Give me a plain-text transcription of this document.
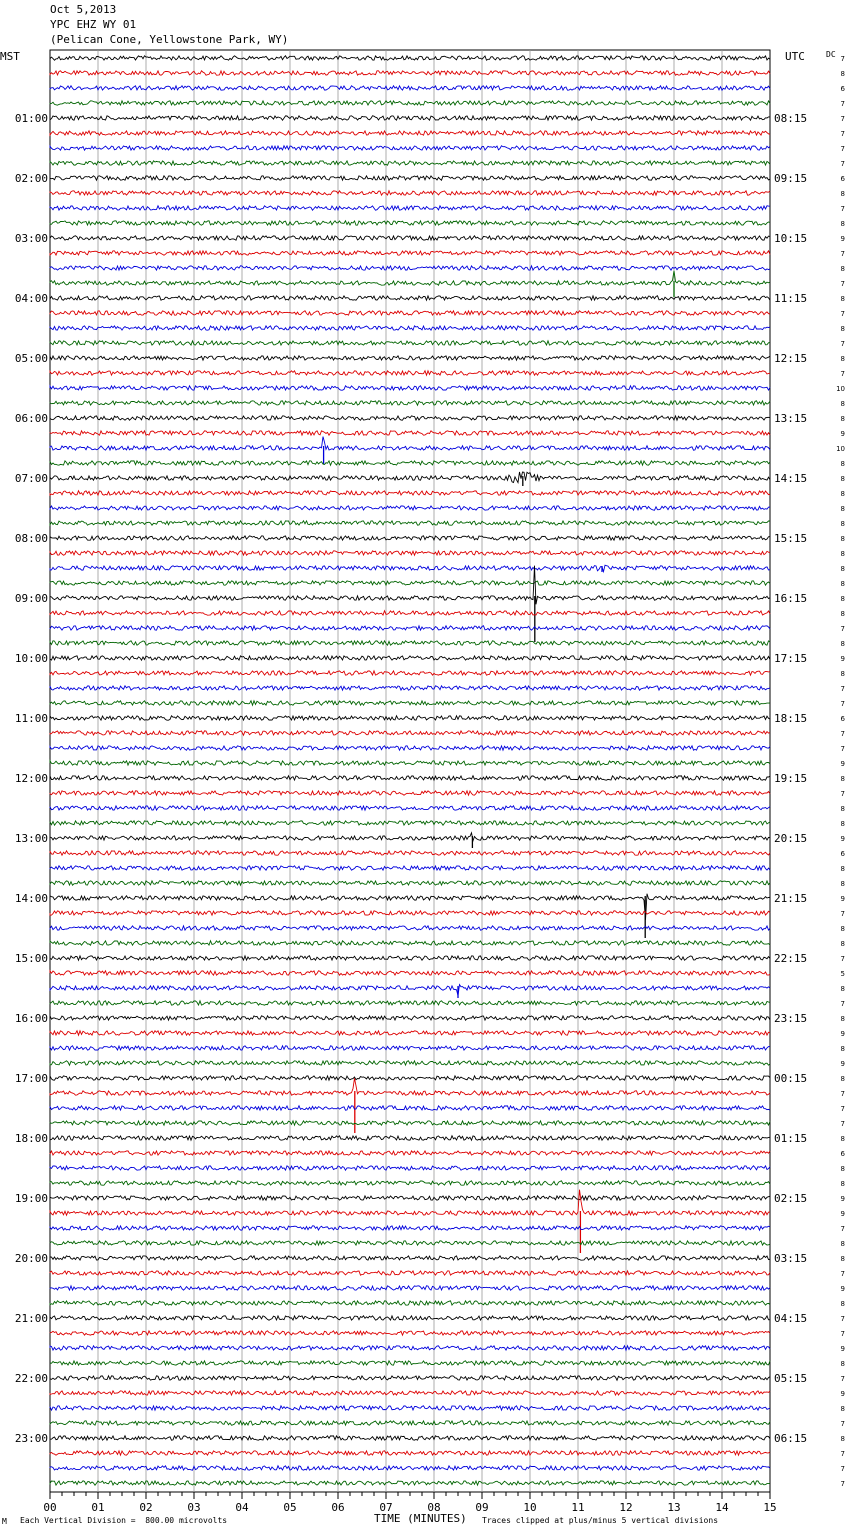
Oct 5,2013
YPC EHZ WY 01
(Pelican Cone, Yellowstone Park, WY)
MST	UTC	DC
01:00
02:00
03:00
04:00
05:00
06:00
07:00
08:00
09:00
10:00
11:00
12:00
13:00
14:00
15:00
16:00
17:00
18:00
19:00
20:00
21:00
22:00
23:00
08:15
09:15
10:15
11:15
12:15
13:15
14:15
15:15
16:15
17:15
18:15
19:15
20:15
21:15
22:15
23:15
00:15
01:15
02:15
03:15
04:15
05:15
06:15
7
8
6
7
7
7
7
7
6
8
7
8
9
7
8
7
8
7
8
7
8
7
10
8
8
9
10
8
8
8
8
8
8
8
8
8
8
8
7
8
9
8
7
7
6
7
7
9
8
7
8
8
9
6
8
8
9
7
8
8
7
5
8
7
8
9
8
9
8
7
7
7
8
6
8
8
9
9
7
8
8
7
9
8
7
7
9
8
7
9
8
7
8
7
7
7
00	01	02	03	04	05	06	07	08	09	10	11	12	13	14	15
M Each Vertical Division =  800.00 microvolts	TIME (MINUTES) Traces clipped at plus/minus 5 vertical divisions
